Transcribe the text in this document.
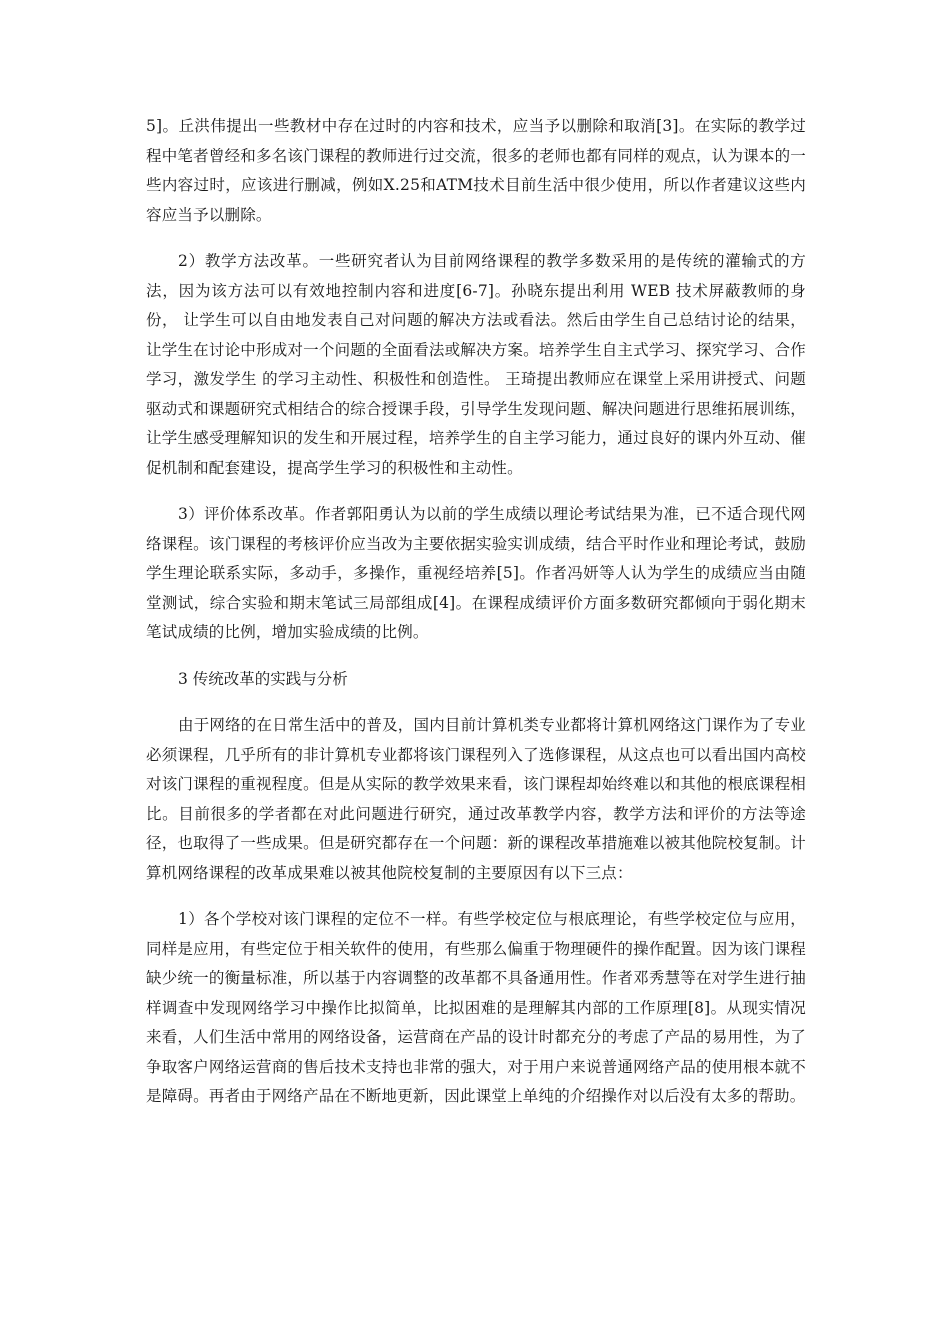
5]。丘洪伟提出一些教材中存在过时的内容和技术，应当予以删除和取消[3]。在实际的教学过程中笔者曾经和多名该门课程的教师进行过交流，很多的老师也都有同样的观点，认为课本的一些内容过时，应该进行删减，例如X.25和ATM技术目前生活中很少使用，所以作者建议这些内容应当予以删除。

2）教学方法改革。一些研究者认为目前网络课程的教学多数采用的是传统的灌输式的方法，因为该方法可以有效地控制内容和进度[6-7]。孙晓东提出利用 WEB 技术屏蔽教师的身份， 让学生可以自由地发表自己对问题的解决方法或看法。然后由学生自己总结讨论的结果，让学生在讨论中形成对一个问题的全面看法或解决方案。培养学生自主式学习、探究学习、合作学习，激发学生 的学习主动性、积极性和创造性。 王琦提出教师应在课堂上采用讲授式、问题驱动式和课题研究式相结合的综合授课手段，引导学生发现问题、解决问题进行思维拓展训练，让学生感受理解知识的发生和开展过程，培养学生的自主学习能力，通过良好的课内外互动、催促机制和配套建设，提高学生学习的积极性和主动性。

3）评价体系改革。作者郭阳勇认为以前的学生成绩以理论考试结果为准，已不适合现代网络课程。该门课程的考核评价应当改为主要依据实验实训成绩，结合平时作业和理论考试，鼓励学生理论联系实际，多动手，多操作，重视经培养[5]。作者冯妍等人认为学生的成绩应当由随堂测试，综合实验和期末笔试三局部组成[4]。在课程成绩评价方面多数研究都倾向于弱化期末笔试成绩的比例，增加实验成绩的比例。

3 传统改革的实践与分析

由于网络的在日常生活中的普及，国内目前计算机类专业都将计算机网络这门课作为了专业必须课程，几乎所有的非计算机专业都将该门课程列入了选修课程，从这点也可以看出国内高校对该门课程的重视程度。但是从实际的教学效果来看，该门课程却始终难以和其他的根底课程相比。目前很多的学者都在对此问题进行研究，通过改革教学内容，教学方法和评价的方法等途径，也取得了一些成果。但是研究都存在一个问题：新的课程改革措施难以被其他院校复制。计算机网络课程的改革成果难以被其他院校复制的主要原因有以下三点：

1）各个学校对该门课程的定位不一样。有些学校定位与根底理论，有些学校定位与应用，同样是应用，有些定位于相关软件的使用，有些那么偏重于物理硬件的操作配置。因为该门课程缺少统一的衡量标准，所以基于内容调整的改革都不具备通用性。作者邓秀慧等在对学生进行抽样调查中发现网络学习中操作比拟简单，比拟困难的是理解其内部的工作原理[8]。从现实情况来看，人们生活中常用的网络设备，运营商在产品的设计时都充分的考虑了产品的易用性，为了争取客户网络运营商的售后技术支持也非常的强大，对于用户来说普通网络产品的使用根本就不是障碍。再者由于网络产品在不断地更新，因此课堂上单纯的介绍操作对以后没有太多的帮助。
